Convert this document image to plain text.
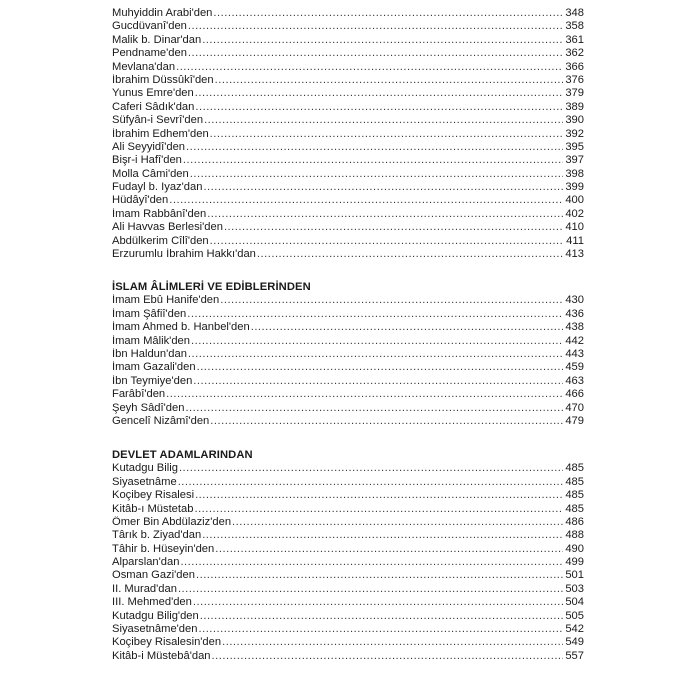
Muhyiddin Arabi'den .....	348
Gucdüvanî'den .....	358
Malik b. Dinar'dan .....	361
Pendname'den .....	362
Mevlana'dan .....	366
İbrahim Düssûkî'den .....	376
Yunus Emre'den .....	379
Caferi Sâdık'dan .....	389
Süfyân-i Sevrî'den .....	390
İbrahim Edhem'den .....	392
Ali Seyyidî'den .....	395
Bişr-i Hafî'den .....	397
Molla Câmi'den .....	398
Fudayl b. Iyaz'dan .....	399
Hüdâyî'den .....	400
İmam Rabbânî'den .....	402
Ali Havvas Berlesi'den .....	410
Abdülkerim Cîlî'den .....	411
Erzurumlu İbrahim Hakkı'dan .....	413
İSLAM ÂLİMLERİ VE EDİBLERİNDEN
İmam Ebû Hanife'den .....	430
İmam Şâfiî'den .....	436
İmam Ahmed b. Hanbel'den .....	438
İmam Mâlik'den .....	442
İbn Haldun'dan .....	443
İmam Gazali'den .....	459
İbn Teymiye'den .....	463
Farâbî'den .....	466
Şeyh Sâdî'den .....	470
Gencelî Nizâmî'den .....	479
DEVLET ADAMLARINDAN
Kutadgu Bilig .....	485
Siyasetnâme .....	485
Koçibey Risalesi .....	485
Kitâb-ı Müstetab .....	485
Ömer Bin Abdülaziz'den .....	486
Târık b. Ziyad'dan .....	488
Tâhir b. Hüseyin'den .....	490
Alparslan'dan .....	499
Osman Gazi'den .....	501
II. Murad'dan .....	503
III. Mehmed'den .....	504
Kutadgu Bilig'den .....	505
Siyasetnâme'den .....	542
Koçibey Risalesin'den .....	549
Kitâb-i Müstebâ'dan .....	557
